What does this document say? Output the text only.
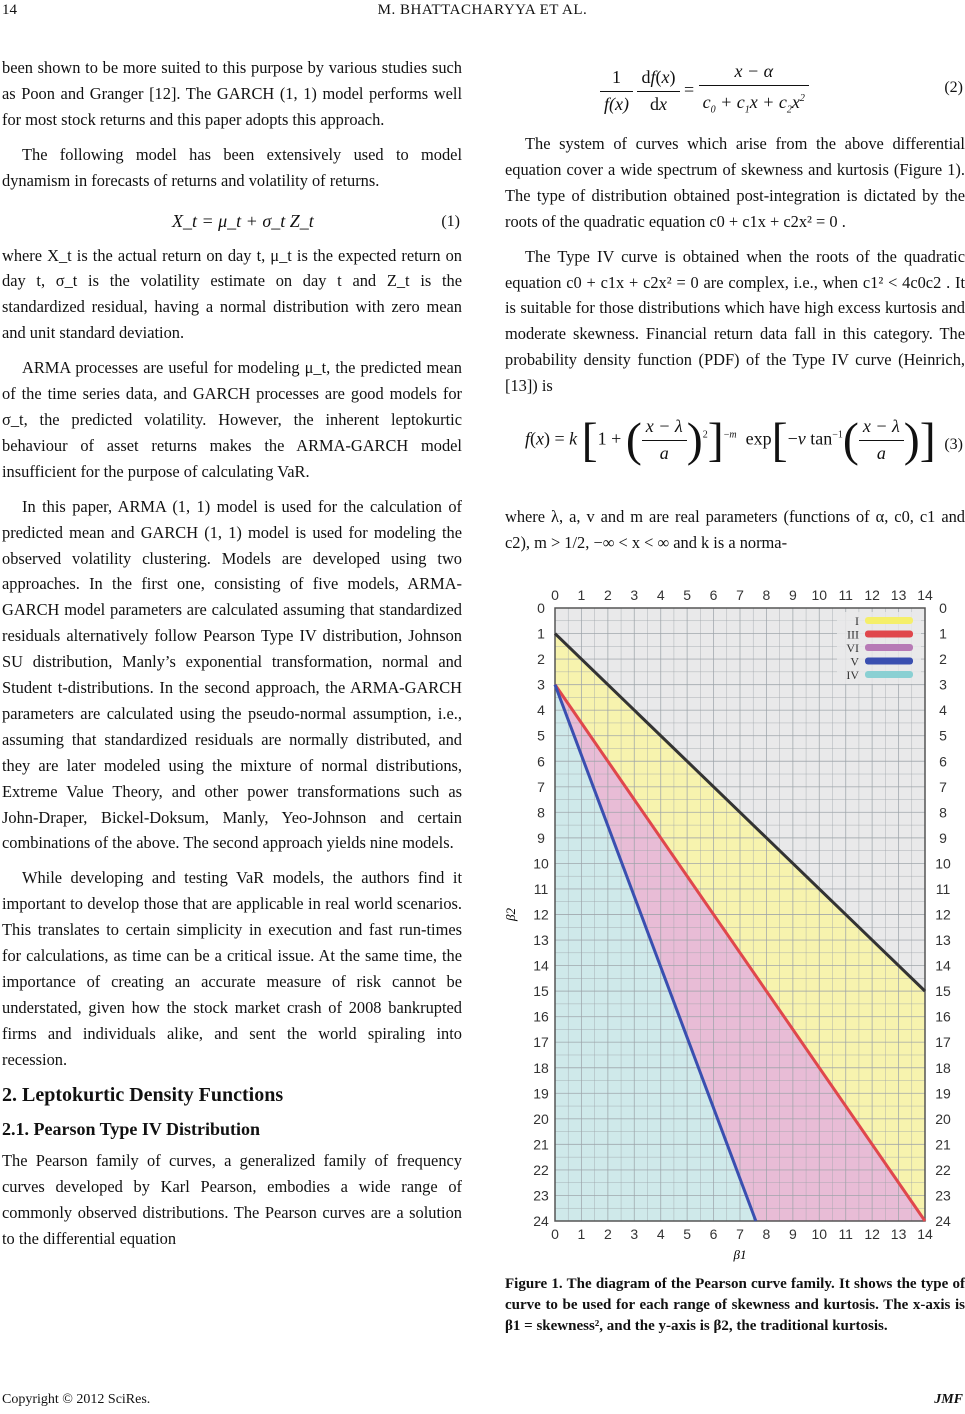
14	M. BHATTACHARYYA ET AL.

been shown to be more suited to this purpose by various studies such as Poon and Granger [12]. The GARCH (1, 1) model performs well for most stock returns and this paper adopts this approach.

The following model has been extensively used to model dynamism in forecasts of returns and volatility of returns.

X_t = μ_t + σ_t Z_t	(1)

where X_t is the actual return on day t, μ_t is the expected return on day t, σ_t is the volatility estimate on day t and Z_t is the standardized residual, having a normal distribution with zero mean and unit standard deviation.

ARMA processes are useful for modeling μ_t, the predicted mean of the time series data, and GARCH processes are good models for σ_t, the predicted volatility. However, the inherent leptokurtic behaviour of asset returns makes the ARMA-GARCH model insufficient for the purpose of calculating VaR.

In this paper, ARMA (1, 1) model is used for the calculation of predicted mean and GARCH (1, 1) model is used for modeling the observed volatility clustering. Models are developed using two approaches. In the first one, consisting of five models, ARMA-GARCH model parameters are calculated assuming that standardized residuals alternatively follow Pearson Type IV distribution, Johnson SU distribution, Manly’s exponential transformation, normal and Student t-distributions. In the second approach, the ARMA-GARCH parameters are calculated using the pseudo-normal assumption, i.e., assuming that standardized residuals are normally distributed, and they are later modeled using the mixture of normal distributions, Extreme Value Theory, and other power transformations such as John-Draper, Bickel-Doksum, Manly, Yeo-Johnson and certain combinations of the above. The second approach yields nine models.

While developing and testing VaR models, the authors find it important to develop those that are applicable in real world scenarios. This translates to certain simplicity in execution and fast run-times for calculations, as time can be a critical issue. At the same time, the importance of creating an accurate measure of risk cannot be understated, given how the stock market crash of 2008 bankrupted firms and individuals alike, and sent the world spiraling into recession.

2. Leptokurtic Density Functions
2.1. Pearson Type IV Distribution

The Pearson family of curves, a generalized family of frequency curves developed by Karl Pearson, embodies a wide range of commonly observed distributions. The Pearson curves are a solution to the differential equation

$\frac{1}{f(x)}$
$\frac{df(x)}{dx} = \frac{x - \alpha}{c_0 + c_1x + c_2x^2}$	(2)

The system of curves which arise from the above differential equation cover a wide spectrum of skewness and kurtosis (Figure 1). The type of distribution obtained post-integration is dictated by the roots of the quadratic equation c0 + c1x + c2x² = 0 .

The Type IV curve is obtained when the roots of the quadratic equation c0 + c1x + c2x² = 0 are complex, i.e., when c1² < 4c0c2 . It is suitable for those distributions which have high excess kurtosis and moderate skewness. Financial return data fall in this category. The probability density function (PDF) of the Type IV curve (Heinrich, [13]) is

f(x) = k [1 + ( $\frac{x - \lambda}{a} )^2]^{-m}$  exp[−ν $\tan^{-1}( \frac{x - \lambda}{a}$ )] (3)

where λ, a, v and m are real parameters (functions of α, c0, c1 and c2), m > 1/2, −∞ < x < ∞ and k is a norma-

0
0
1
1
2
2
3
3
4
4
5
5
6
6
7
7
8
8
9
9
10
10
11
11
12
12
13
13
14
14
0	0
1	1
2	2
3	3
4	4
5	5
6	6
7	7
8	8
9	9
10	10
11	11
12	12
13	13
14	14
15	15
16	16
17	17
18	18
19	19
20	20
21	21
22	22
23	23
24	24
I
III
VI
V
IV
β1
β2
Figure 1. The diagram of the Pearson curve family. It shows the type of curve to be used for each range of skewness and kurtosis. The x-axis is β1 = skewness², and the y-axis is β2, the traditional kurtosis.
Copyright © 2012 SciRes.	JMF
